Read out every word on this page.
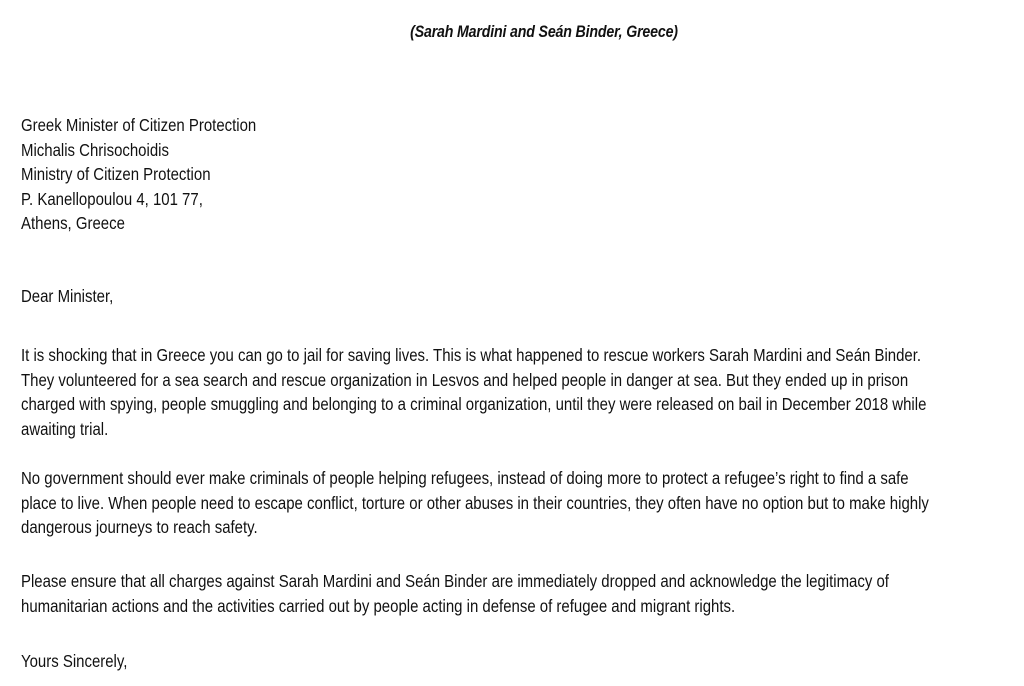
(Sarah Mardini and Seán Binder, Greece)
Greek Minister of Citizen Protection
Michalis Chrisochoidis
Ministry of Citizen Protection
P. Kanellopoulou 4, 101 77,
Athens, Greece
Dear Minister,
It is shocking that in Greece you can go to jail for saving lives. This is what happened to rescue workers Sarah Mardini and Seán Binder.
They volunteered for a sea search and rescue organization in Lesvos and helped people in danger at sea. But they ended up in prison
charged with spying, people smuggling and belonging to a criminal organization, until they were released on bail in December 2018 while
awaiting trial.
No government should ever make criminals of people helping refugees, instead of doing more to protect a refugee’s right to find a safe
place to live. When people need to escape conflict, torture or other abuses in their countries, they often have no option but to make highly
dangerous journeys to reach safety.
Please ensure that all charges against Sarah Mardini and Seán Binder are immediately dropped and acknowledge the legitimacy of
humanitarian actions and the activities carried out by people acting in defense of refugee and migrant rights.
Yours Sincerely,
